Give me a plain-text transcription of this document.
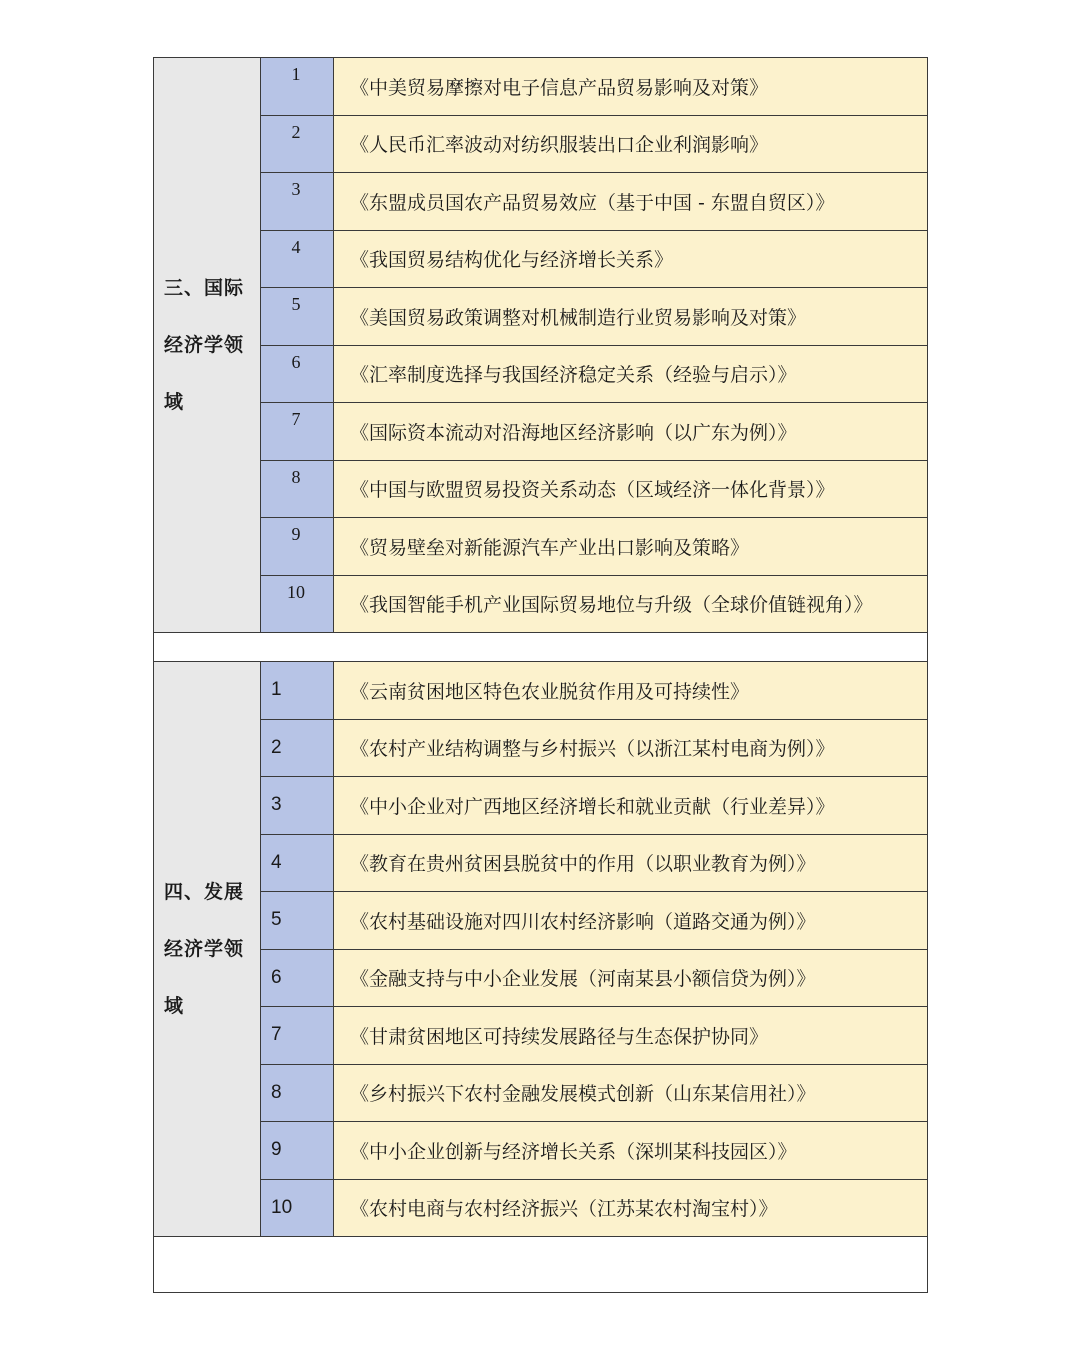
三、国际经济学领域	1	《中美贸易摩擦对电子信息产品贸易影响及对策》
	2	《人民币汇率波动对纺织服装出口企业利润影响》
	3	《东盟成员国农产品贸易效应（基于中国 - 东盟自贸区）》
	4	《我国贸易结构优化与经济增长关系》
	5	《美国贸易政策调整对机械制造行业贸易影响及对策》
	6	《汇率制度选择与我国经济稳定关系（经验与启示）》
	7	《国际资本流动对沿海地区经济影响（以广东为例）》
	8	《中国与欧盟贸易投资关系动态（区域经济一体化背景）》
	9	《贸易壁垒对新能源汽车产业出口影响及策略》
	10	《我国智能手机产业国际贸易地位与升级（全球价值链视角）》

四、发展经济学领域	1	《云南贫困地区特色农业脱贫作用及可持续性》
	2	《农村产业结构调整与乡村振兴（以浙江某村电商为例）》
	3	《中小企业对广西地区经济增长和就业贡献（行业差异）》
	4	《教育在贵州贫困县脱贫中的作用（以职业教育为例）》
	5	《农村基础设施对四川农村经济影响（道路交通为例）》
	6	《金融支持与中小企业发展（河南某县小额信贷为例）》
	7	《甘肃贫困地区可持续发展路径与生态保护协同》
	8	《乡村振兴下农村金融发展模式创新（山东某信用社）》
	9	《中小企业创新与经济增长关系（深圳某科技园区）》
	10	《农村电商与农村经济振兴（江苏某农村淘宝村）》
